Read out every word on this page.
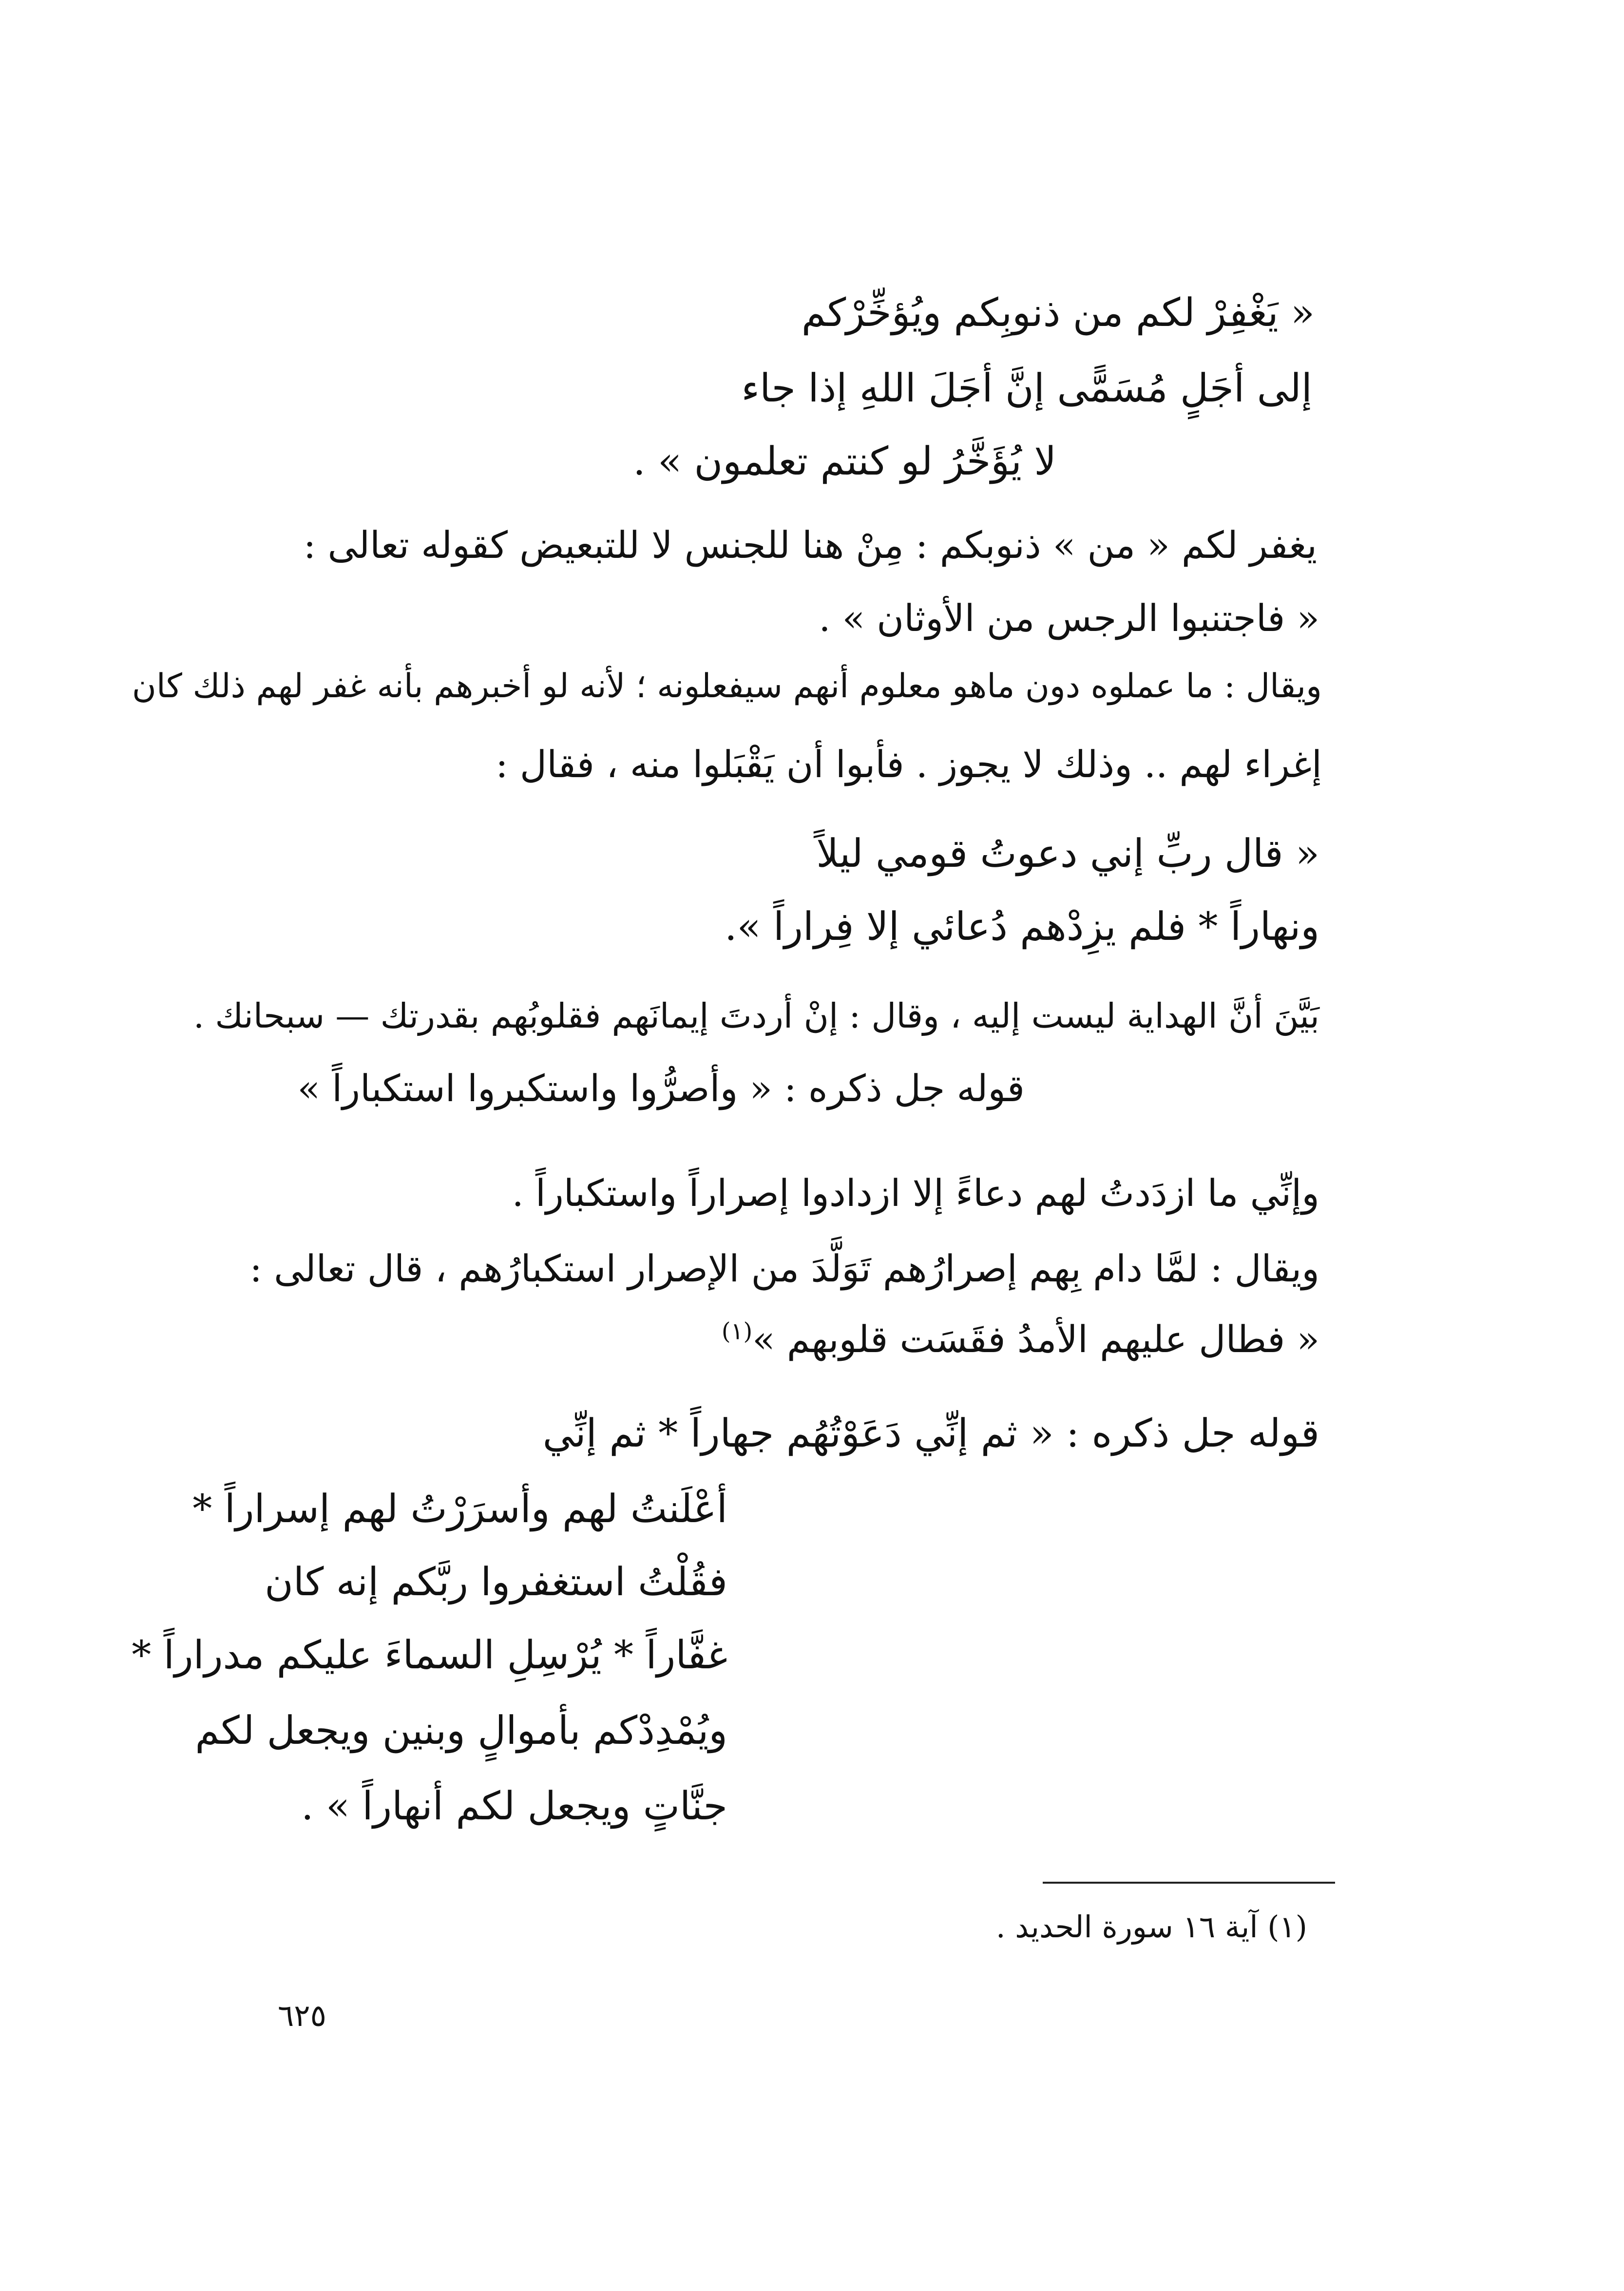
« يَغْفِرْ لكم من ذنوبِكم ويُؤخِّرْكم
إلى أجَلٍ مُسَمًّى إنَّ أجَلَ اللهِ إذا جاء
لا يُؤَخَّرُ لو كنتم تعلمون » .
يغفر لكم « من » ذنوبكم : مِنْ هنا للجنس لا للتبعيض كقوله تعالى :
« فاجتنبوا الرجس من الأوثان » .
ويقال : ما عملوه دون ماهو معلوم أنهم سيفعلونه ؛ لأنه لو أخبرهم بأنه غفر لهم ذلك كان
إغراء لهم .. وذلك لا يجوز . فأبوا أن يَقْبَلوا منه ، فقال :
« قال ربِّ إني دعوتُ قومي ليلاً
ونهاراً * فلم يزِدْهم دُعائي إلا فِراراً ».
بَيَّنَ أنَّ الهداية ليست إليه ، وقال : إنْ أردتَ إيمانَهم فقلوبُهم بقدرتك — سبحانك .
قوله جل ذكره : « وأصرُّوا واستكبروا استكباراً »
وإنِّي ما ازدَدتُ لهم دعاءً إلا ازدادوا إصراراً واستكباراً .
ويقال : لمَّا دام بِهم إصرارُهم تَوَلَّدَ من الإصرار استكبارُهم ، قال تعالى :
« فطال عليهم الأمدُ فقَسَت قلوبهم »$^{(١)}$
قوله جل ذكره : « ثم إنِّي دَعَوْتُهُم جهاراً * ثم إنِّي
أعْلَنتُ لهم وأسرَرْتُ لهم إسراراً *
فقُلْتُ استغفروا ربَّكم إنه كان
غفَّاراً * يُرْسِلِ السماءَ عليكم مدراراً *
ويُمْدِدْكم بأموالٍ وبنين ويجعل لكم
جنَّاتٍ ويجعل لكم أنهاراً » .
(١) آية ١٦ سورة الحديد .
٦٢٥
